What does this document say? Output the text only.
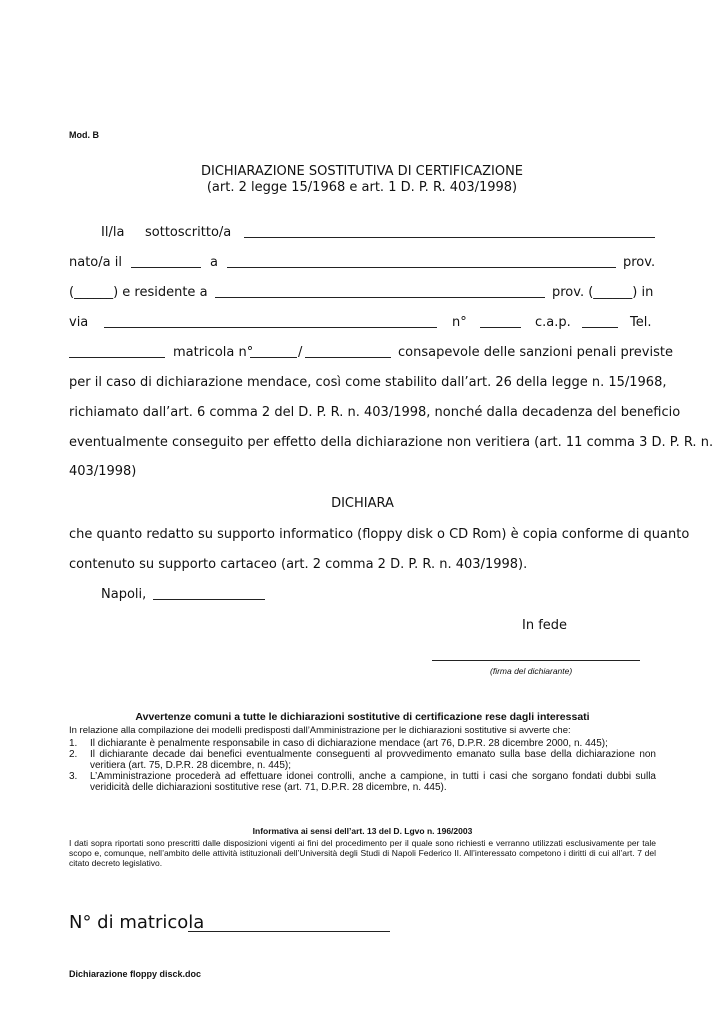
Mod. B
DICHIARAZIONE SOSTITUTIVA DI CERTIFICAZIONE
(art. 2 legge 15/1968 e art. 1 D. P. R. 403/1998)
Il/la sottoscritto/a
nato/a il	a	prov.
(______) e residente a	prov. (______) in
via	n°	c.a.p.	Tel.
matricola n°	/	consapevole delle sanzioni penali previste
per il caso di dichiarazione mendace, così come stabilito dall’art. 26 della legge n. 15/1968,
richiamato dall’art. 6 comma 2 del D. P. R. n. 403/1998, nonché dalla decadenza del beneficio
eventualmente conseguito per effetto della dichiarazione non veritiera (art. 11 comma 3 D. P. R. n.
403/1998)
DICHIARA
che quanto redatto su supporto informatico (floppy disk o CD Rom) è copia conforme di quanto
contenuto su supporto cartaceo (art. 2 comma 2 D. P. R. n. 403/1998).
Napoli,
In fede
(firma del dichiarante)
Avvertenze comuni a tutte le dichiarazioni sostitutive di certificazione rese dagli interessati
In relazione alla compilazione dei modelli predisposti dall’Amministrazione per le dichiarazioni sostitutive si avverte che:
1.	Il dichiarante è penalmente responsabile in caso di dichiarazione mendace (art 76, D.P.R. 28 dicembre 2000, n. 445);
2.	Il dichiarante decade dai benefici eventualmente conseguenti al provvedimento emanato sulla base della dichiarazione non veritiera (art. 75, D.P.R. 28 dicembre, n. 445);
3.	L’Amministrazione procederà ad effettuare idonei controlli, anche a campione, in tutti i casi che sorgano fondati dubbi sulla veridicità delle dichiarazioni sostitutive rese (art. 71, D.P.R. 28 dicembre, n. 445).
Informativa ai sensi dell’art. 13 del D. Lgvo n. 196/2003
I dati sopra riportati sono prescritti dalle disposizioni vigenti ai fini del procedimento per il quale sono richiesti e verranno utilizzati esclusivamente per tale scopo e, comunque, nell’ambito delle attività istituzionali dell’Università degli Studi di Napoli Federico II. All’interessato competono i diritti di cui all’art. 7 del citato decreto legislativo.
N° di matricola
Dichiarazione floppy disck.doc
